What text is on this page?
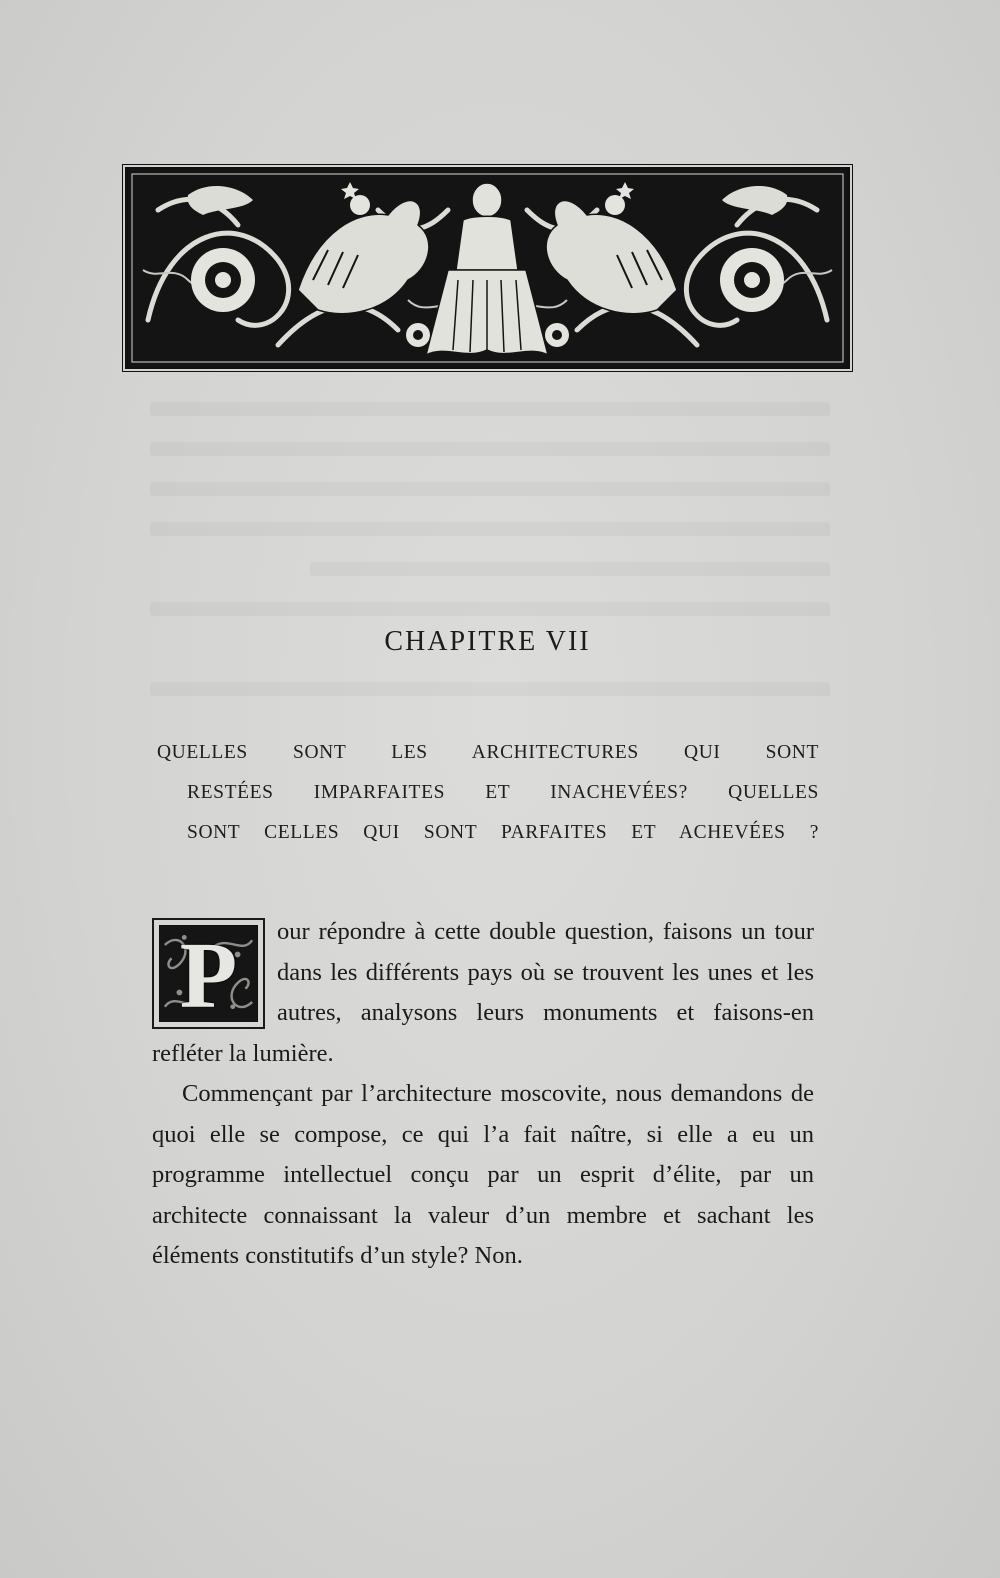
CHAPITRE VII
QUELLES SONT LES ARCHITECTURES QUI SONT
RESTÉES IMPARFAITES ET INACHEVÉES? QUELLES
SONT CELLES QUI SONT PARFAITES ET ACHEVÉES ?
P	our répondre à cette double question, faisons un tour dans les différents pays où se trouvent les unes et les autres, analysons leurs monuments et faisons-en refléter la lumière.

Commençant par l’architecture moscovite, nous demandons de quoi elle se compose, ce qui l’a fait naître, si elle a eu un programme intellectuel conçu par un esprit d’élite, par un architecte connaissant la valeur d’un membre et sachant les éléments constitutifs d’un style? Non.
